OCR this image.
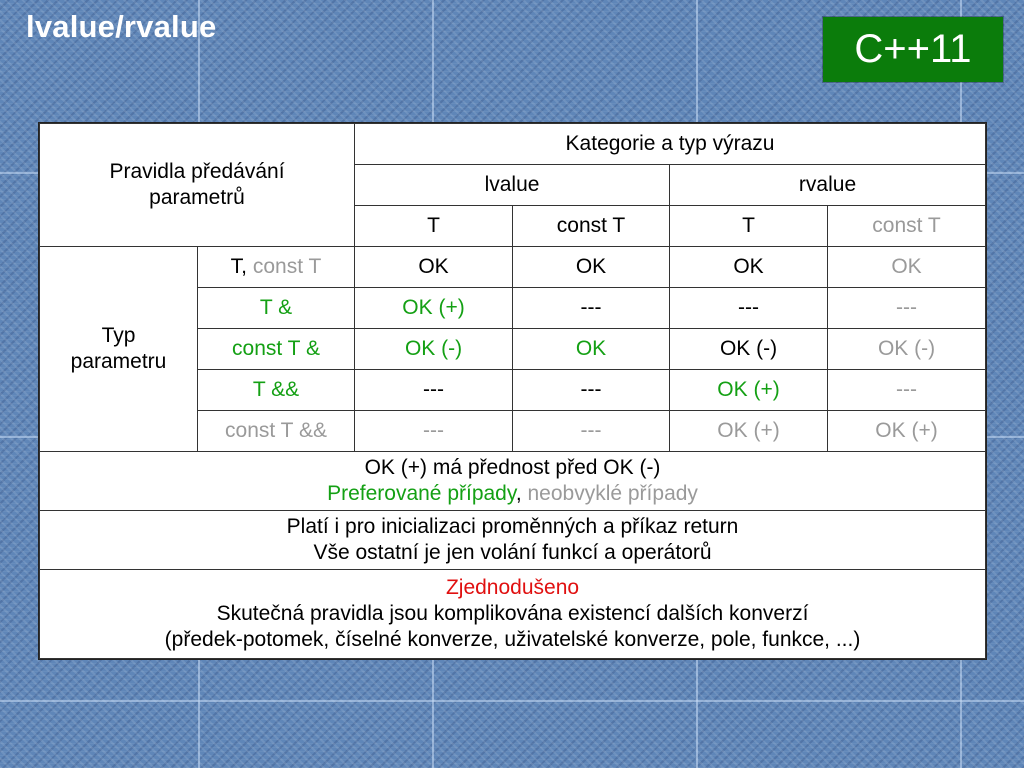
lvalue/rvalue
C++11
Pravidla předávání
parametrů		Kategorie a typ výrazu			
		lvalue		rvalue	
		T	const T	T	const T

Typ
parametru	T, const T	OK	OK	OK	OK
	T &	OK (+)	---	---	---
	const T &	OK (-)	OK	OK (-)	OK (-)
	T &&	---	---	OK (+)	---
	const T &&	---	---	OK (+)	OK (+)

OK (+) má přednost před OK (-)
Preferované případy, neobvyklé případy					

Platí i pro inicializaci proměnných a příkaz return
Vše ostatní je jen volání funkcí a operátorů					

Zjednodušeno
Skutečná pravidla jsou komplikována existencí dalších konverzí
(předek-potomek, číselné konverze, uživatelské konverze, pole, funkce, ...)					
